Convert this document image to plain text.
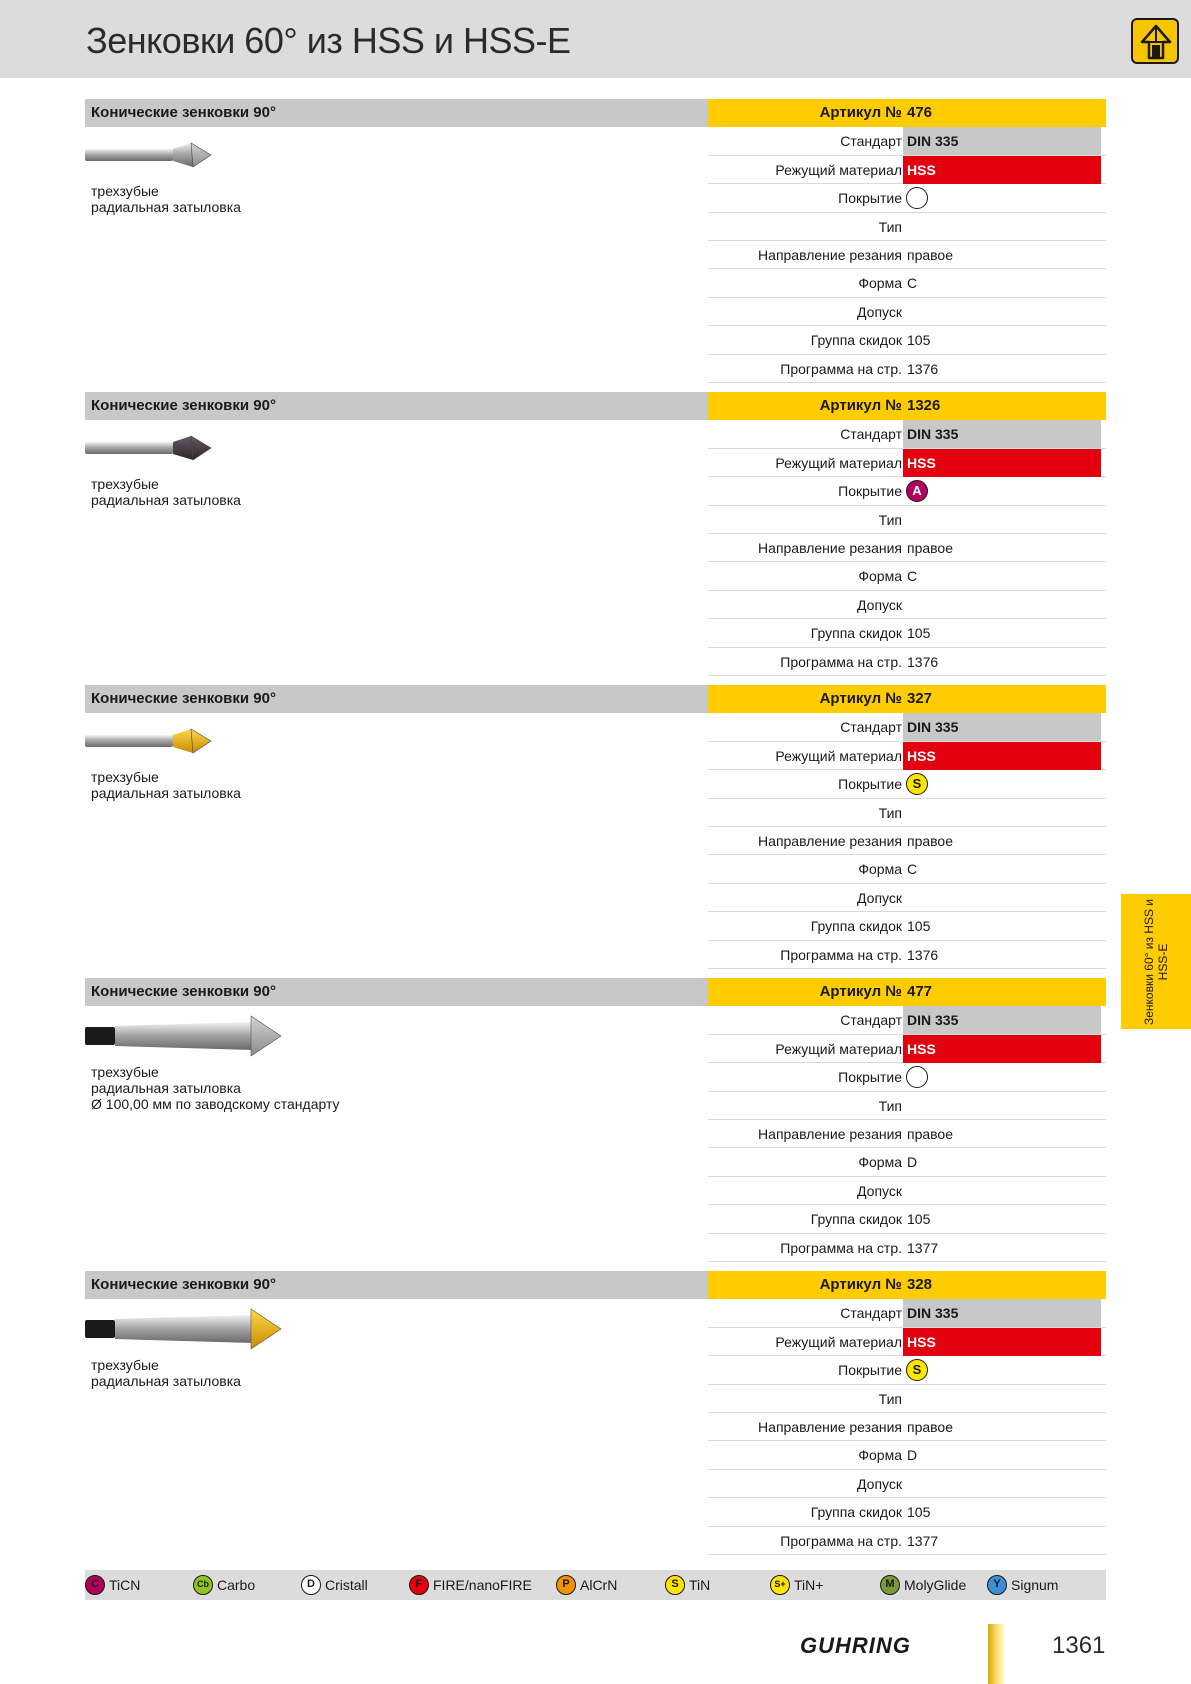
Зенковки 60° из HSS и HSS-E
Конические зенковки 90°
трехзубые
радиальная затыловка
Артикул № 476
Стандарт DIN 335
Режущий материал HSS
Покрытие
Тип
Направление резания правое
Форма C
Допуск
Группа скидок 105
Программа на стр. 1376
Конические зенковки 90°
трехзубые
радиальная затыловка
Артикул № 1326
Стандарт DIN 335
Режущий материал HSS
Покрытие A
Тип
Направление резания правое
Форма C
Допуск
Группа скидок 105
Программа на стр. 1376
Конические зенковки 90°
трехзубые
радиальная затыловка
Артикул № 327
Стандарт DIN 335
Режущий материал HSS
Покрытие S
Тип
Направление резания правое
Форма C
Допуск
Группа скидок 105
Программа на стр. 1376
Конические зенковки 90°
трехзубые
радиальная затыловка
Ø 100,00 мм по заводскому стандарту
Артикул № 477
Стандарт DIN 335
Режущий материал HSS
Покрытие
Тип
Направление резания правое
Форма D
Допуск
Группа скидок 105
Программа на стр. 1377
Конические зенковки 90°
трехзубые
радиальная затыловка
Артикул № 328
Стандарт DIN 335
Режущий материал HSS
Покрытие S
Тип
Направление резания правое
Форма D
Допуск
Группа скидок 105
Программа на стр. 1377
Зенковки 60° из HSS и HSS-E
C TiCN	Cb Carbo	D Cristall	F FIRE/nanoFIRE	P AlCrN	S TiN	S+ TiN+	M MolyGlide	Y Signum
GUHRING	1361
